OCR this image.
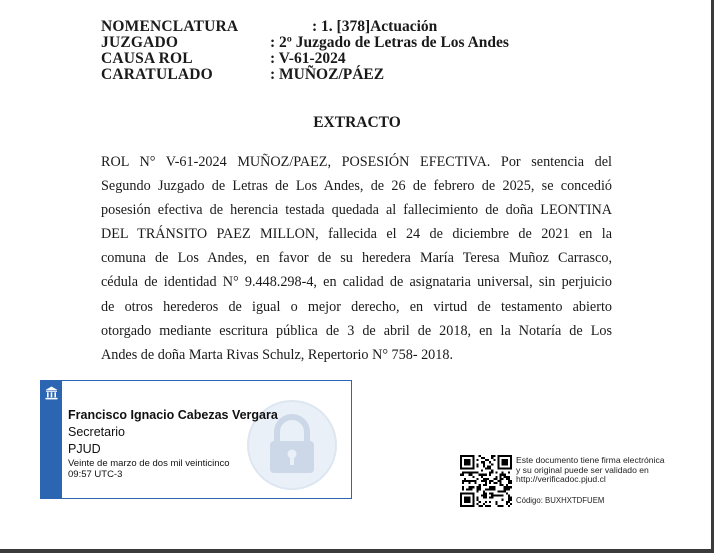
NOMENCLATURA	: 1. [378]Actuación
JUZGADO	: 2º Juzgado de Letras de Los Andes
CAUSA ROL	: V-61-2024
CARATULADO	: MUÑOZ/PÁEZ
EXTRACTO
ROL N° V-61-2024 MUÑOZ/PAEZ, POSESIÓN EFECTIVA. Por sentencia del
Segundo Juzgado de Letras de Los Andes, de 26 de febrero de 2025, se concedió
posesión efectiva de herencia testada quedada al fallecimiento de doña LEONTINA
DEL TRÁNSITO PAEZ MILLON, fallecida el 24 de diciembre de 2021 en la
comuna de Los Andes, en favor de su heredera María Teresa Muñoz Carrasco,
cédula de identidad N° 9.448.298-4, en calidad de asignataria universal, sin perjuicio
de otros herederos de igual o mejor derecho, en virtud de testamento abierto
otorgado mediante escritura pública de 3 de abril de 2018, en la Notaría de Los
Andes de doña Marta Rivas Schulz, Repertorio N° 758- 2018.
Francisco Ignacio Cabezas Vergara
Secretario
PJUD
Veinte de marzo de dos mil veinticinco
09:57 UTC-3
Este documento tiene firma electrónica
y su original puede ser validado en
http://verificadoc.pjud.cl
Código: BUXHXTDFUEM
